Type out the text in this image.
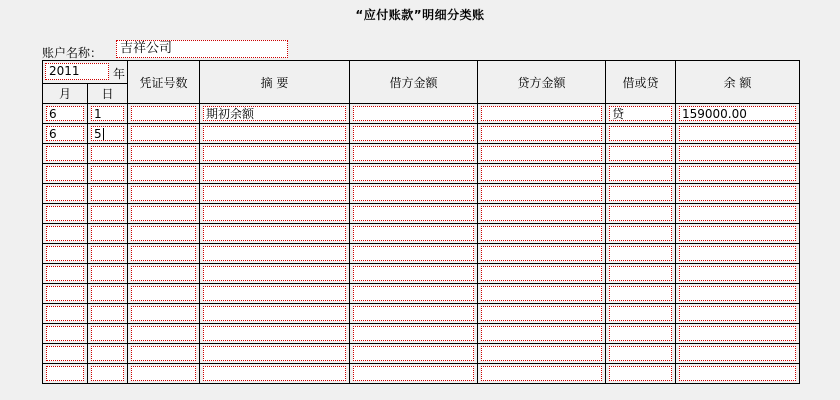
“应付账款”明细分类账
账户名称：	吉祥公司
2011 年		凭证号数	摘 要	借方金额	贷方金额	借或贷	余 额
月	日						

6	1		期初余额			贷	159000.00

6	5						
